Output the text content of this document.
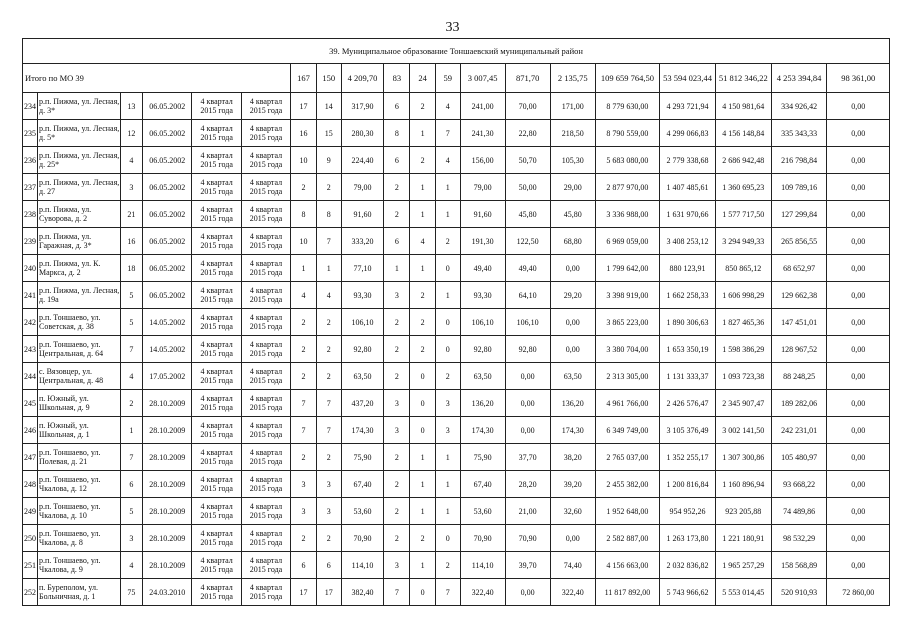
33
39. Муниципальное образование Тоншаевский муниципальный район																			
Итого по МО 39						167	150	4 209,70	83	24	59	3 007,45	871,70	2 135,75	109 659 764,50	53 594 023,44	51 812 346,22	4 253 394,84	98 361,00
234	р.п. Пижма, ул. Лесная, д. 3*	13	06.05.2002	4 квартал 2015 года	4 квартал 2015 года	17	14	317,90	6	2	4	241,00	70,00	171,00	8 779 630,00	4 293 721,94	4 150 981,64	334 926,42	0,00
235	р.п. Пижма, ул. Лесная, д. 5*	12	06.05.2002	4 квартал 2015 года	4 квартал 2015 года	16	15	280,30	8	1	7	241,30	22,80	218,50	8 790 559,00	4 299 066,83	4 156 148,84	335 343,33	0,00
236	р.п. Пижма, ул. Лесная, д. 25*	4	06.05.2002	4 квартал 2015 года	4 квартал 2015 года	10	9	224,40	6	2	4	156,00	50,70	105,30	5 683 080,00	2 779 338,68	2 686 942,48	216 798,84	0,00
237	р.п. Пижма, ул. Лесная, д. 27	3	06.05.2002	4 квартал 2015 года	4 квартал 2015 года	2	2	79,00	2	1	1	79,00	50,00	29,00	2 877 970,00	1 407 485,61	1 360 695,23	109 789,16	0,00
238	р.п. Пижма, ул. Суворова, д. 2	21	06.05.2002	4 квартал 2015 года	4 квартал 2015 года	8	8	91,60	2	1	1	91,60	45,80	45,80	3 336 988,00	1 631 970,66	1 577 717,50	127 299,84	0,00
239	р.п. Пижма, ул. Гаражная, д. 3*	16	06.05.2002	4 квартал 2015 года	4 квартал 2015 года	10	7	333,20	6	4	2	191,30	122,50	68,80	6 969 059,00	3 408 253,12	3 294 949,33	265 856,55	0,00
240	р.п. Пижма, ул. К. Маркса, д. 2	18	06.05.2002	4 квартал 2015 года	4 квартал 2015 года	1	1	77,10	1	1	0	49,40	49,40	0,00	1 799 642,00	880 123,91	850 865,12	68 652,97	0,00
241	р.п. Пижма, ул. Лесная, д. 19а	5	06.05.2002	4 квартал 2015 года	4 квартал 2015 года	4	4	93,30	3	2	1	93,30	64,10	29,20	3 398 919,00	1 662 258,33	1 606 998,29	129 662,38	0,00
242	р.п. Тоншаево, ул. Советская, д. 38	5	14.05.2002	4 квартал 2015 года	4 квартал 2015 года	2	2	106,10	2	2	0	106,10	106,10	0,00	3 865 223,00	1 890 306,63	1 827 465,36	147 451,01	0,00
243	р.п. Тоншаево, ул. Центральная, д. 64	7	14.05.2002	4 квартал 2015 года	4 квартал 2015 года	2	2	92,80	2	2	0	92,80	92,80	0,00	3 380 704,00	1 653 350,19	1 598 386,29	128 967,52	0,00
244	с. Вязовцер, ул. Центральная, д. 48	4	17.05.2002	4 квартал 2015 года	4 квартал 2015 года	2	2	63,50	2	0	2	63,50	0,00	63,50	2 313 305,00	1 131 333,37	1 093 723,38	88 248,25	0,00
245	п. Южный, ул. Школьная, д. 9	2	28.10.2009	4 квартал 2015 года	4 квартал 2015 года	7	7	437,20	3	0	3	136,20	0,00	136,20	4 961 766,00	2 426 576,47	2 345 907,47	189 282,06	0,00
246	п. Южный, ул. Школьная, д. 1	1	28.10.2009	4 квартал 2015 года	4 квартал 2015 года	7	7	174,30	3	0	3	174,30	0,00	174,30	6 349 749,00	3 105 376,49	3 002 141,50	242 231,01	0,00
247	р.п. Тоншаево, ул. Полевая, д. 21	7	28.10.2009	4 квартал 2015 года	4 квартал 2015 года	2	2	75,90	2	1	1	75,90	37,70	38,20	2 765 037,00	1 352 255,17	1 307 300,86	105 480,97	0,00
248	р.п. Тоншаево, ул. Чкалова, д. 12	6	28.10.2009	4 квартал 2015 года	4 квартал 2015 года	3	3	67,40	2	1	1	67,40	28,20	39,20	2 455 382,00	1 200 816,84	1 160 896,94	93 668,22	0,00
249	р.п. Тоншаево, ул. Чкалова, д. 10	5	28.10.2009	4 квартал 2015 года	4 квартал 2015 года	3	3	53,60	2	1	1	53,60	21,00	32,60	1 952 648,00	954 952,26	923 205,88	74 489,86	0,00
250	р.п. Тоншаево, ул. Чкалова, д. 8	3	28.10.2009	4 квартал 2015 года	4 квартал 2015 года	2	2	70,90	2	2	0	70,90	70,90	0,00	2 582 887,00	1 263 173,80	1 221 180,91	98 532,29	0,00
251	р.п. Тоншаево, ул. Чкалова, д. 9	4	28.10.2009	4 квартал 2015 года	4 квартал 2015 года	6	6	114,10	3	1	2	114,10	39,70	74,40	4 156 663,00	2 032 836,82	1 965 257,29	158 568,89	0,00
252	п. Буреполом, ул. Больничная, д. 1	75	24.03.2010	4 квартал 2015 года	4 квартал 2015 года	17	17	382,40	7	0	7	322,40	0,00	322,40	11 817 892,00	5 743 966,62	5 553 014,45	520 910,93	72 860,00
